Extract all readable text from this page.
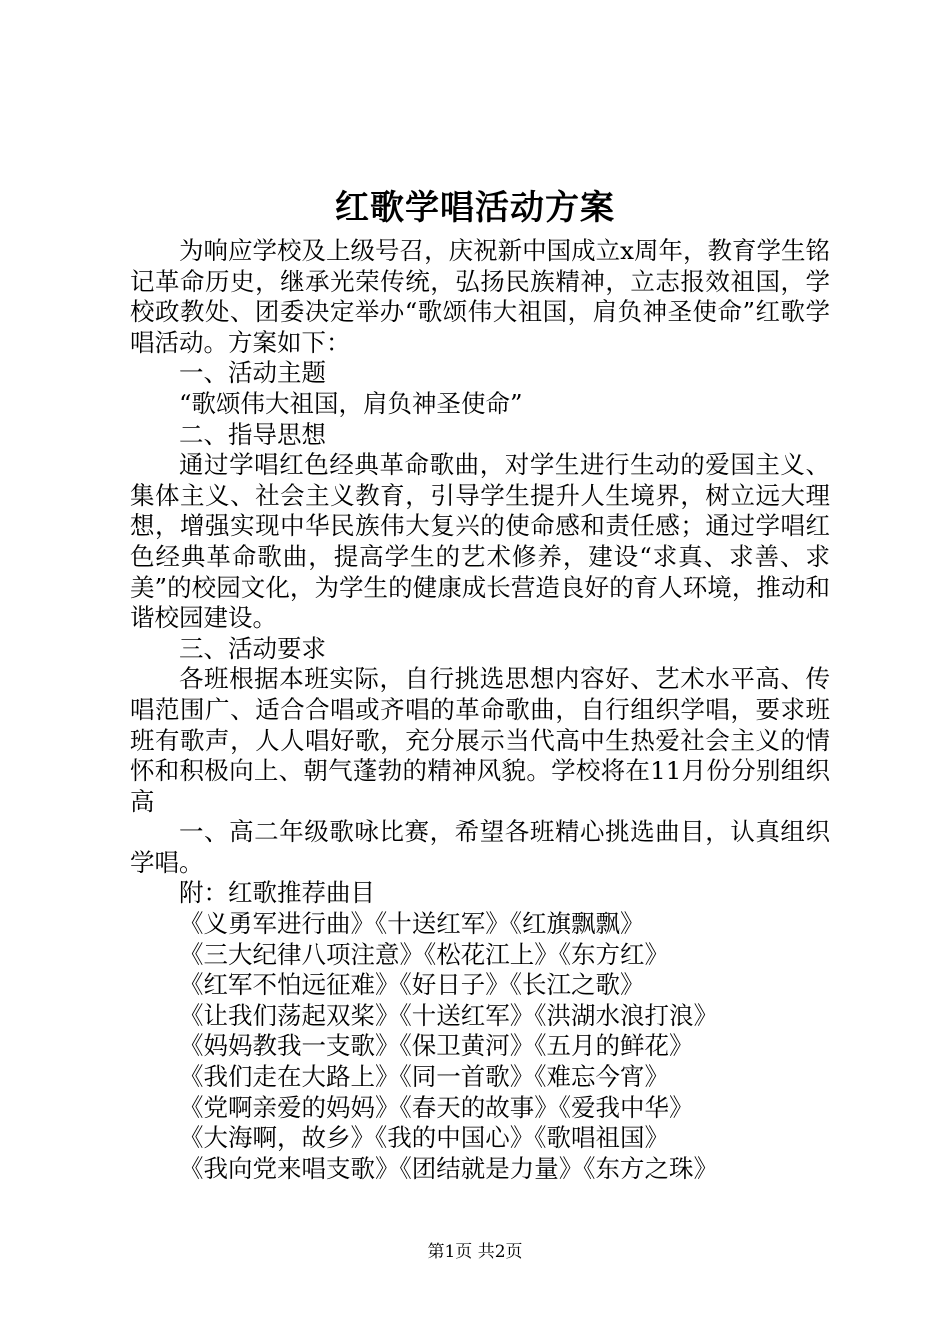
红歌学唱活动方案

为响应学校及上级号召，庆祝新中国成立x周年，教育学生铭记革命历史，继承光荣传统，弘扬民族精神，立志报效祖国，学校政教处、团委决定举办“歌颂伟大祖国，肩负神圣使命”红歌学唱活动。方案如下：

一、活动主题

“歌颂伟大祖国，肩负神圣使命”

二、指导思想

通过学唱红色经典革命歌曲，对学生进行生动的爱国主义、集体主义、社会主义教育，引导学生提升人生境界，树立远大理想，增强实现中华民族伟大复兴的使命感和责任感；通过学唱红色经典革命歌曲，提高学生的艺术修养，建设“求真、求善、求美”的校园文化，为学生的健康成长营造良好的育人环境，推动和谐校园建设。

三、活动要求

各班根据本班实际，自行挑选思想内容好、艺术水平高、传唱范围广、适合合唱或齐唱的革命歌曲，自行组织学唱，要求班班有歌声，人人唱好歌，充分展示当代高中生热爱社会主义的情怀和积极向上、朝气蓬勃的精神风貌。学校将在11月份分别组织高

一、高二年级歌咏比赛，希望各班精心挑选曲目，认真组织学唱。

附：红歌推荐曲目

《义勇军进行曲》《十送红军》《红旗飘飘》

《三大纪律八项注意》《松花江上》《东方红》

《红军不怕远征难》《好日子》《长江之歌》

《让我们荡起双桨》《十送红军》《洪湖水浪打浪》

《妈妈教我一支歌》《保卫黄河》《五月的鲜花》

《我们走在大路上》《同一首歌》《难忘今宵》

《党啊亲爱的妈妈》《春天的故事》《爱我中华》

《大海啊，故乡》《我的中国心》《歌唱祖国》

《我向党来唱支歌》《团结就是力量》《东方之珠》

第1页 共2页
